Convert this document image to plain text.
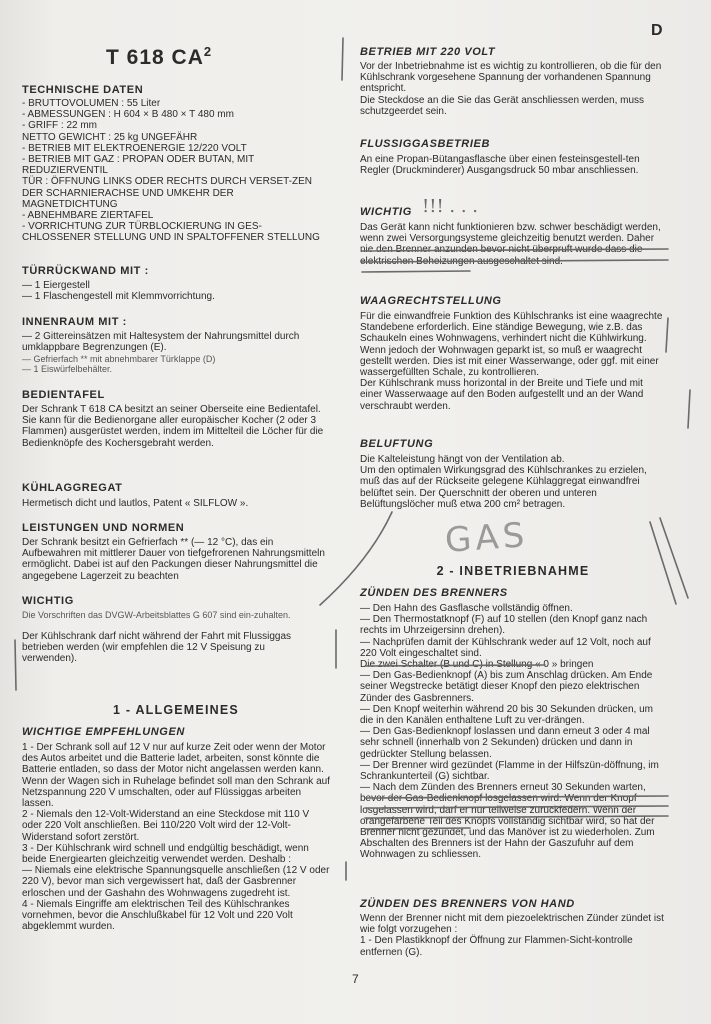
D
T 618 $CA^2$

TECHNISCHE DATEN

- BRUTTOVOLUMEN : 55 Liter
- ABMESSUNGEN : H 604 × B 480 × T 480 mm
- GRIFF : 22 mm
NETTO GEWICHT : 25 kg UNGEFÄHR
- BETRIEB MIT ELEKTROENERGIE 12/220 VOLT
- BETRIEB MIT GAZ : PROPAN ODER BUTAN, MIT REDUZIERVENTIL
TÜR : ÖFFNUNG LINKS ODER RECHTS DURCH VERSET-ZEN DER SCHARNIERACHSE UND UMKEHR DER MAGNETDICHTUNG
- ABNEHMBARE ZIERTAFEL
- VORRICHTUNG ZUR TÜRBLOCKIERUNG IN GES-CHLOSSENER STELLUNG UND IN SPALTOFFENER STELLUNG

TÜRRÜCKWAND MIT :

— 1 Eiergestell
— 1 Flaschengestell mit Klemmvorrichtung.

INNENRAUM MIT :

— 2 Gittereinsätzen mit Haltesystem der Nahrungsmittel durch umklappbare Begrenzungen (E).

— Gefrierfach ** mit abnehmbarer Türklappe (D)
— 1 Eiswürfelbehälter.

BEDIENTAFEL

Der Schrank T 618 CA besitzt an seiner Oberseite eine Bedientafel.
Sie kann für die Bedienorgane aller europäischer Kocher (2 oder 3 Flammen) ausgerüstet werden, indem im Mittelteil die Löcher für die Bedienknöpfe des Kochersgebraht werden.

KÜHLAGGREGAT

Hermetisch dicht und lautlos, Patent « SILFLOW ».

LEISTUNGEN UND NORMEN

Der Schrank besitzt ein Gefrierfach ** (— 12 °C), das ein Aufbewahren mit mittlerer Dauer von tiefgefrorenen Nahrungsmitteln ermöglicht. Dabei ist auf den Packungen dieser Nahrungsmittel die angegebene Lagerzeit zu beachten

WICHTIG

Die Vorschriften das DVGW-Arbeitsblattes G 607 sind ein-zuhalten.

Der Kühlschrank darf nicht während der Fahrt mit Flussiggas betrieben werden (wir empfehlen die 12 V Speisung zu verwenden).

1 - ALLGEMEINES

WICHTIGE EMPFEHLUNGEN

1 - Der Schrank soll auf 12 V nur auf kurze Zeit oder wenn der Motor des Autos arbeitet und die Batterie ladet, arbeiten, sonst könnte die Batterie entladen, so dass der Motor nicht angelassen werden kann. Wenn der Wagen sich in Ruhelage befindet soll man den Schrank auf Netzspannung 220 V umschalten, oder auf Flüssiggas arbeiten lassen.
2 - Niemals den 12-Volt-Widerstand an eine Steckdose mit 110 V oder 220 Volt anschließen. Bei 110/220 Volt wird der 12-Volt-Widerstand sofort zerstört.
3 - Der Kühlschrank wird schnell und endgültig beschädigt, wenn beide Energiearten gleichzeitig verwendet werden. Deshalb :
— Niemals eine elektrische Spannungsquelle anschließen (12 V oder 220 V), bevor man sich vergewissert hat, daß der Gasbrenner erloschen und der Gashahn des Wohnwagens zugedreht ist.
4 - Niemals Eingriffe am elektrischen Teil des Kühlschrankes vornehmen, bevor die Anschlußkabel für 12 Volt und 220 Volt abgeklemmt wurden.

BETRIEB MIT 220 VOLT

Vor der Inbetriebnahme ist es wichtig zu kontrollieren, ob die für den Kühlschrank vorgesehene Spannung der vorhandenen Spannung entspricht.
Die Steckdose an die Sie das Gerät anschliessen werden, muss schutzgeerdet sein.

FLUSSIGGASBETRIEB

An eine Propan-Bütangasflasche über einen festeinsgestell-ten Regler (Druckminderer) Ausgangsdruck 50 mbar anschliessen.

WICHTIG !!! . . .

Das Gerät kann nicht funktionieren bzw. schwer beschädigt werden, wenn zwei Versorgungsysteme gleichzeitig benutzt werden. Daher nie den Brenner anzunden bevor nicht überpruft wurde dass die elektrischen Beheizungen ausgeschaltet sind.

WAAGRECHTSTELLUNG

Für die einwandfreie Funktion des Kühlschranks ist eine waagrechte Standebene erforderlich. Eine ständige Bewegung, wie z.B. das Schaukeln eines Wohnwagens, verhindert nicht die Kühlwirkung. Wenn jedoch der Wohnwagen geparkt ist, so muß er waagrecht gestellt werden. Dies ist mit einer Wasserwange, oder ggf. mit einer wassergefüllten Schale, zu kontrollieren.
Der Kühlschrank muss horizontal in der Breite und Tiefe und mit einer Wasserwaage auf den Boden aufgestellt und an der Wand verschraubt werden.

BELUFTUNG

Die Kalteleistung hängt von der Ventilation ab.
Um den optimalen Wirkungsgrad des Kühlschrankes zu erzielen, muß das auf der Rückseite gelegene Kühlaggregat einwandfrei belüftet sein. Der Querschnitt der oberen und unteren Belüftungslöcher muß etwa 200 cm² betragen.

GAS

2 - INBETRIEBNAHME

ZÜNDEN DES BRENNERS

— Den Hahn des Gasflasche vollständig öffnen.
— Den Thermostatknopf (F) auf 10 stellen (den Knopf ganz nach rechts im Uhrzeigersinn drehen).
— Nachprüfen damit der Kühlschrank weder auf 12 Volt, noch auf 220 Volt eingeschaltet sind.
Die zwei Schalter (B und C) in Stellung « 0 » bringen
— Den Gas-Bedienknopf (A) bis zum Anschlag drücken. Am Ende seiner Wegstrecke betätigt dieser Knopf den piezo elektrischen Zünder des Gasbrenners.
— Den Knopf weiterhin während 20 bis 30 Sekunden drücken, um die in den Kanälen enthaltene Luft zu ver-drängen.
— Den Gas-Bedienknopf loslassen und dann erneut 3 oder 4 mal sehr schnell (innerhalb von 2 Sekunden) drücken und dann in gedrückter Stellung belassen.
— Der Brenner wird gezündet (Flamme in der Hilfszün-döffnung, im Schrankunterteil (G) sichtbar.
— Nach dem Zünden des Brenners erneut 30 Sekunden warten, bevor der Gas-Bedienknopf losgelassen wird. Wenn der Knopf losgelassen wird, darf er nur teilweise zurückfedern. Wenn der orangefarbene Teil des Knopfs vollständig sichtbar wird, so hat der Brenner nicht gezündet, und das Manöver ist zu wiederholen. Zum Abschalten des Brenners ist der Hahn der Gaszufuhr auf dem Wohnwagen zu schliessen.

ZÜNDEN DES BRENNERS VON HAND

Wenn der Brenner nicht mit dem piezoelektrischen Zünder zündet ist wie folgt vorzugehen :
1 - Den Plastikknopf der Öffnung zur Flammen-Sicht-kontrolle entfernen (G).

7
